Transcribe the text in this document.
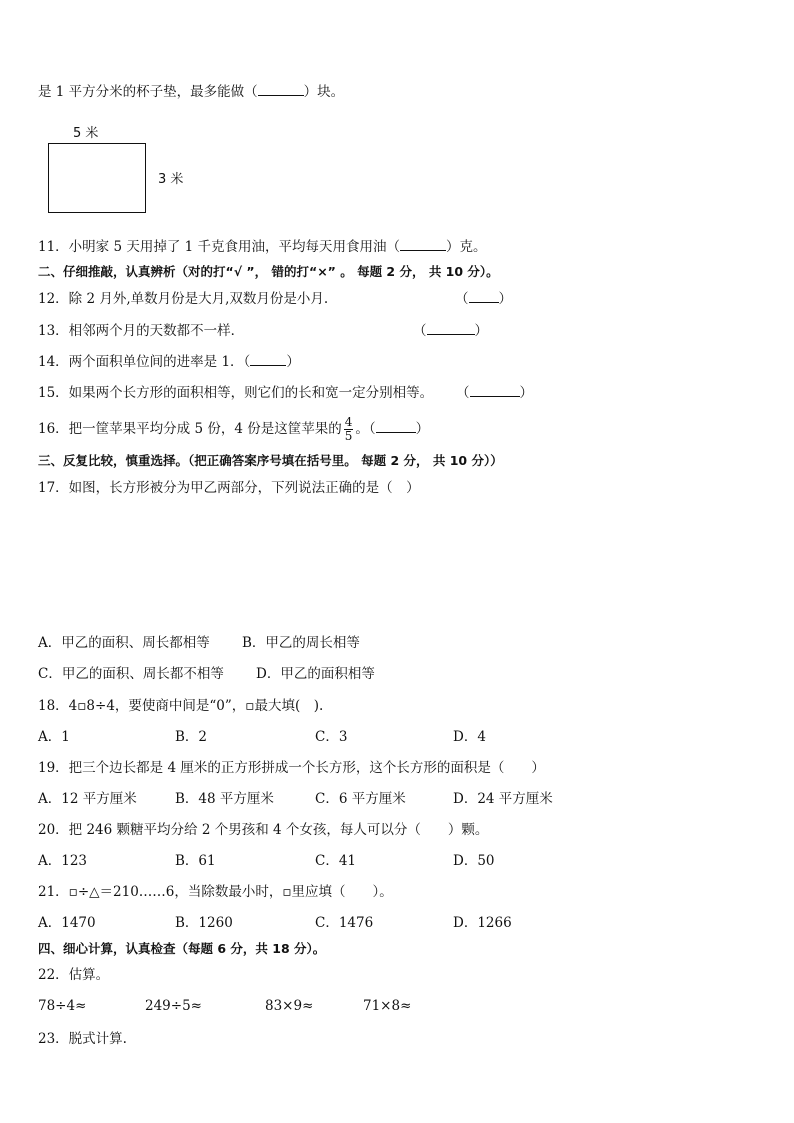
是 1 平方分米的杯子垫，最多能做（	）块。
5 米
3 米
11．小明家 5 天用掉了 1 千克食用油，平均每天用食用油（	）克。
二、仔细推敲，认真辨析（对的打“√ ”， 错的打“×” 。 每题 2 分， 共 10 分）。
12．除 2 月外,单数月份是大月,双数月份是小月.	（ ）
13．相邻两个月的天数都不一样．	（	）
14．两个面积单位间的进率是 1．（	）
15．如果两个长方形的面积相等，则它们的长和宽一定分别相等。 （	）
16．把一筐苹果平均分成 5 份，4 份是这筐苹果的 $\frac{4}{5}$ 。（	）
三、反复比较，慎重选择。（把正确答案序号填在括号里。 每题 2 分， 共 10 分））
17．如图，长方形被分为甲乙两部分，下列说法正确的是（　）
A．甲乙的面积、周长都相等 B．甲乙的周长相等
C．甲乙的面积、周长都不相等 D．甲乙的面积相等
18．4▫8÷4，要使商中间是“0”，▫最大填(　).
A．1	B．2	C．3	D．4
19．把三个边长都是 4 厘米的正方形拼成一个长方形，这个长方形的面积是（　　）
A．12 平方厘米	B．48 平方厘米	C．6 平方厘米	D．24 平方厘米
20．把 246 颗糖平均分给 2 个男孩和 4 个女孩，每人可以分（　　）颗。
A．123	B．61	C．41	D．50
21．▫÷△＝210……6，当除数最小时，▫里应填（　　）。
A．1470	B．1260	C．1476	D．1266
四、细心计算，认真检查（每题 6 分，共 18 分）。
22．估算。
78÷4≈	249÷5≈	83×9≈	71×8≈
23．脱式计算.
